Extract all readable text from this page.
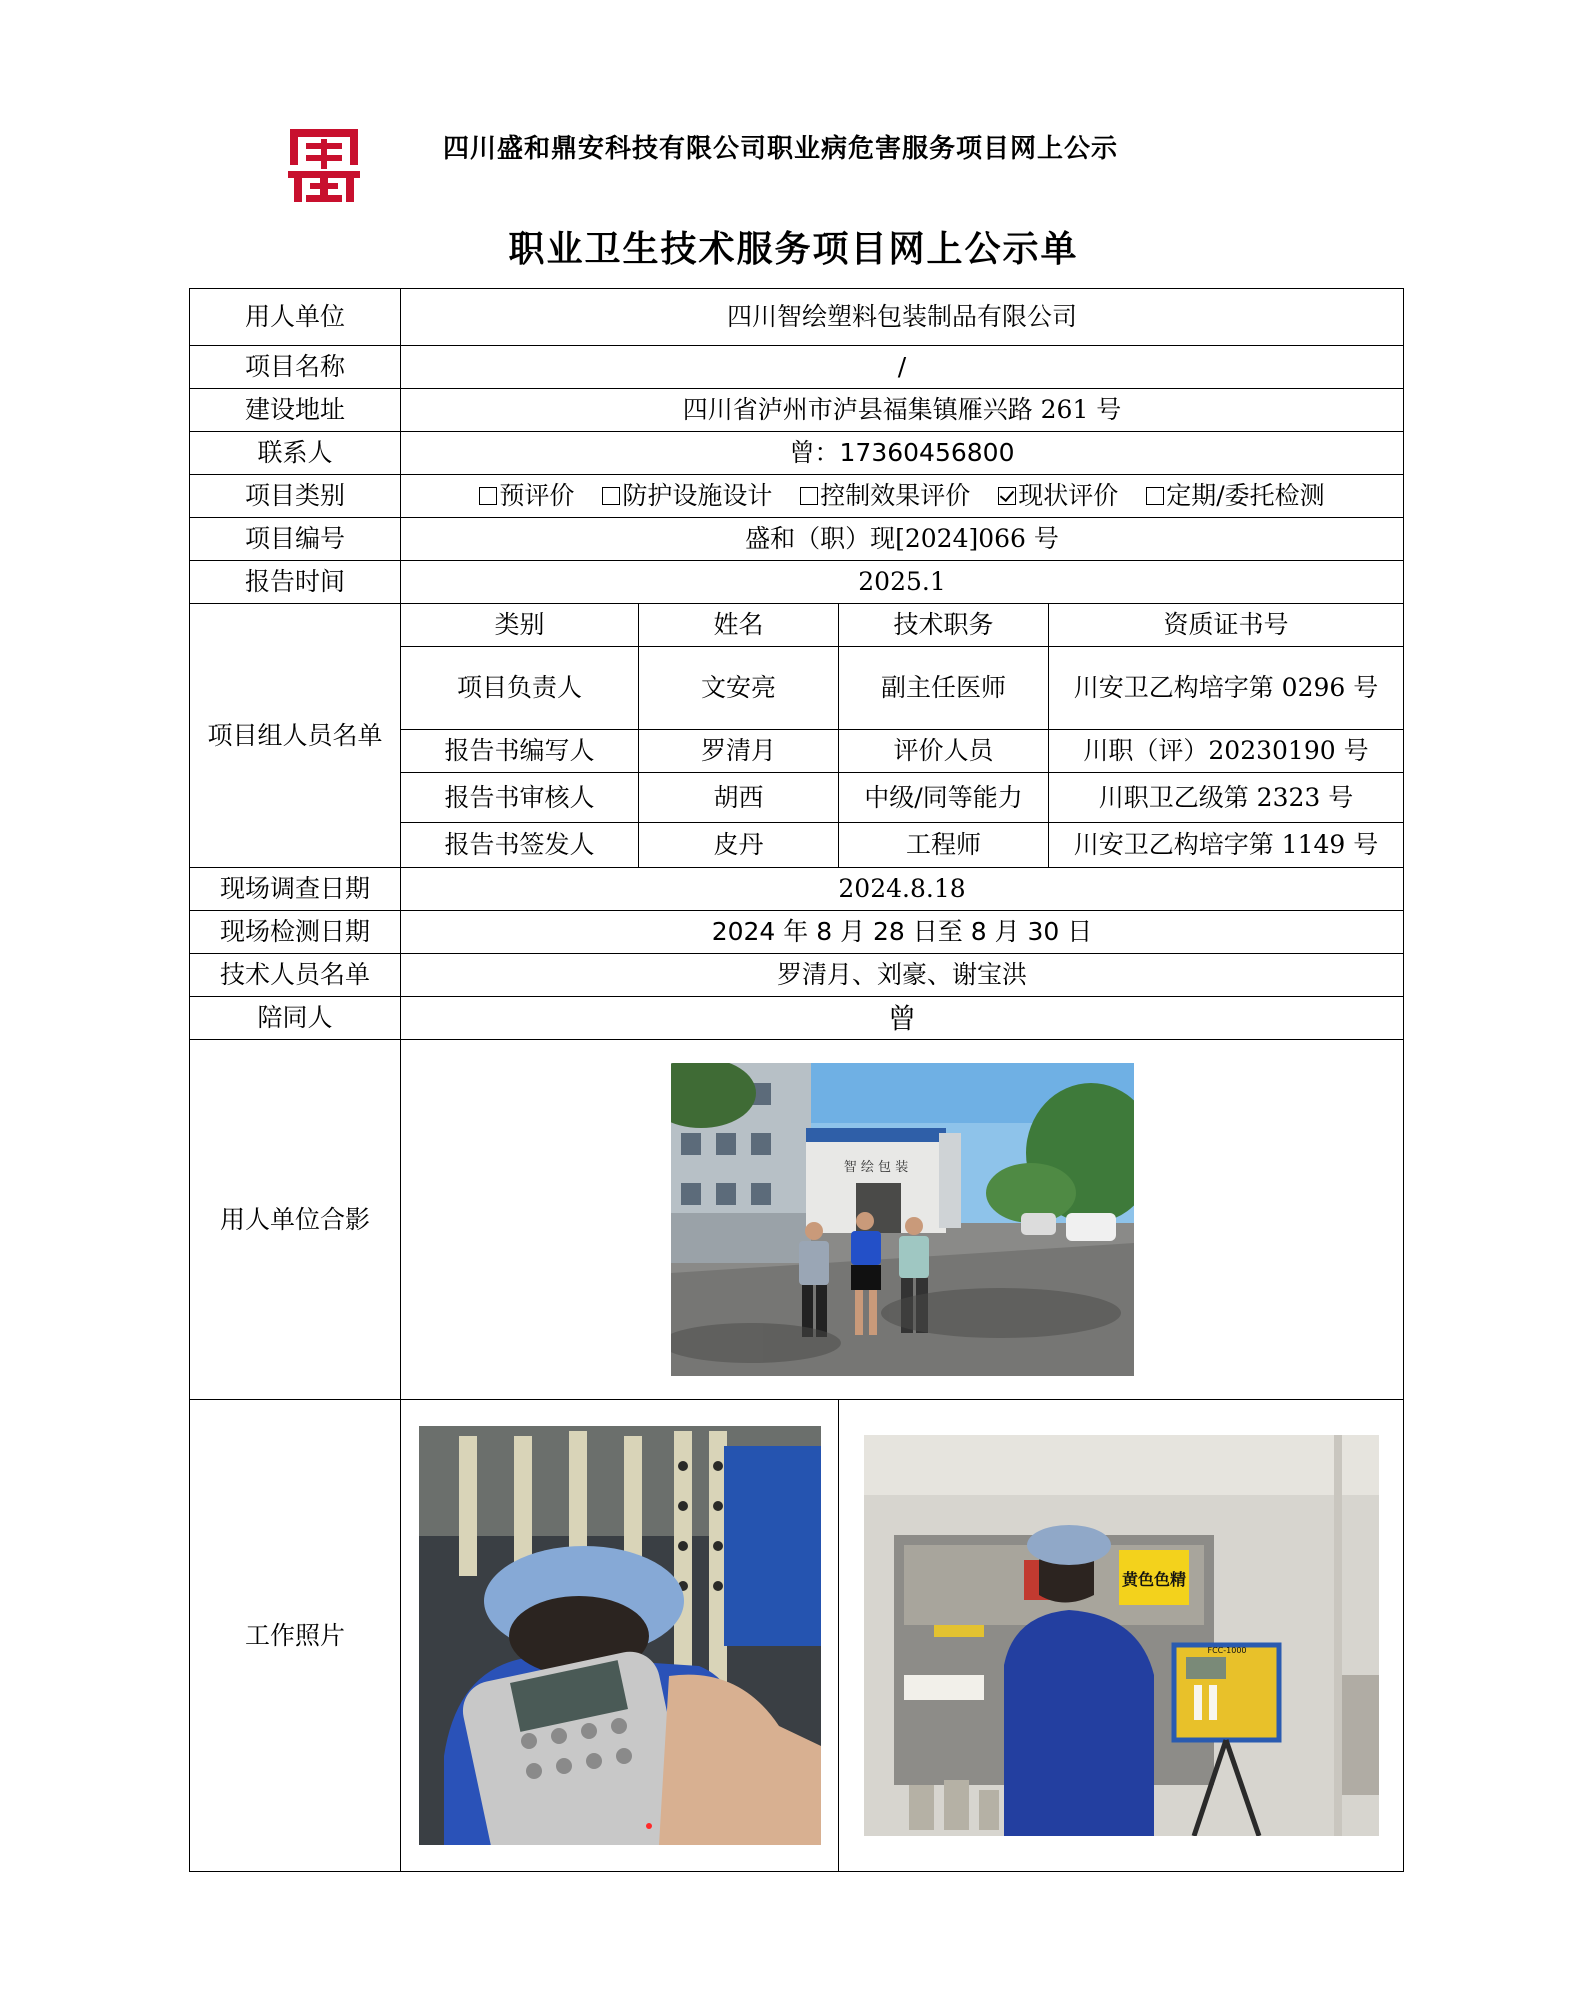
四川盛和鼎安科技有限公司职业病危害服务项目网上公示
职业卫生技术服务项目网上公示单
用人单位	四川智绘塑料包装制品有限公司			
项目名称	/			
建设地址	四川省泸州市泸县福集镇雁兴路 261 号			
联系人	曾：17360456800			
项目类别	预评价 防护设施设计 控制效果评价 现状评价 定期/委托检测			
项目编号	盛和（职）现[2024]066 号			
报告时间	2025.1			
项目组人员名单	类别	姓名	技术职务	资质证书号
	项目负责人	文安亮	副主任医师	川安卫乙构培字第 0296 号
	报告书编写人	罗清月	评价人员	川职（评）20230190 号
	报告书审核人	胡西	中级/同等能力	川职卫乙级第 2323 号
	报告书签发人	皮丹	工程师	川安卫乙构培字第 1149 号
现场调查日期	2024.8.18			
现场检测日期	2024 年 8 月 28 日至 8 月 30 日			
技术人员名单	罗清月、刘豪、谢宝洪			
陪同人	曾			
用人单位合影	智 绘 包 装			

工作照片			黄色色精
FCC-1000	
